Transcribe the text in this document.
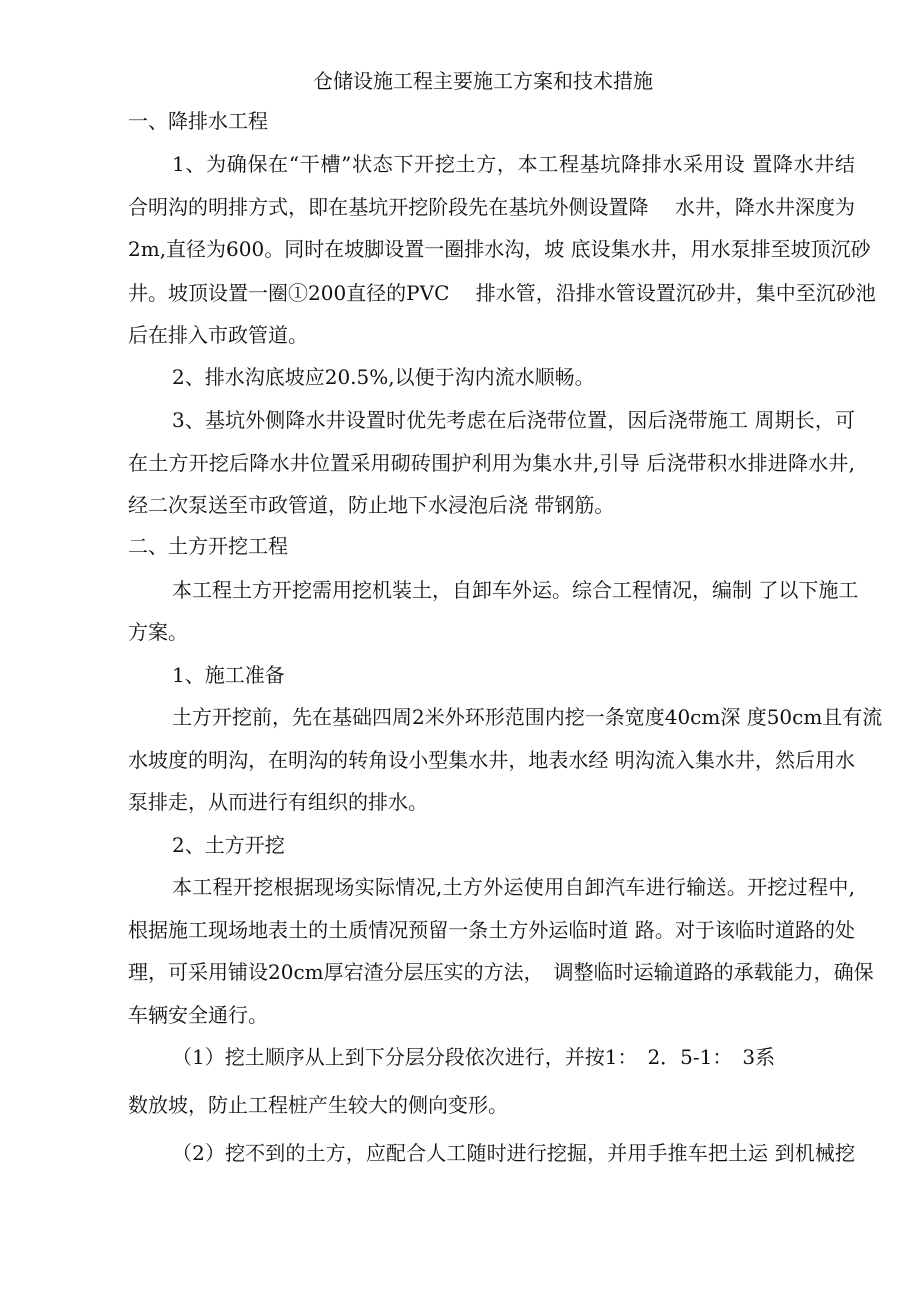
仓储设施工程主要施工方案和技术措施
一、降排水工程
1、为确保在“干槽”状态下开挖土方，本工程基坑降排水采用设 置降水井结
合明沟的明排方式，即在基坑开挖阶段先在基坑外侧设置降　 水井，降水井深度为
2m,直径为600。同时在坡脚设置一圈排水沟，坡 底设集水井，用水泵排至坡顶沉砂
井。坡顶设置一圈①200直径的PVC　 排水管，沿排水管设置沉砂井，集中至沉砂池
后在排入市政管道。
2、排水沟底坡应20.5%,以便于沟内流水顺畅。
3、基坑外侧降水井设置时优先考虑在后浇带位置，因后浇带施工 周期长，可
在土方开挖后降水井位置采用砌砖围护利用为集水井,引导 后浇带积水排进降水井,
经二次泵送至市政管道，防止地下水浸泡后浇 带钢筋。
二、土方开挖工程
本工程土方开挖需用挖机装土，自卸车外运。综合工程情况，编制 了以下施工
方案。
1、施工准备
土方开挖前，先在基础四周2米外环形范围内挖一条宽度40cm深 度50cm且有流
水坡度的明沟，在明沟的转角设小型集水井，地表水经 明沟流入集水井，然后用水
泵排走，从而进行有组织的排水。
2、土方开挖
本工程开挖根据现场实际情况,土方外运使用自卸汽车进行输送。开挖过程中,
根据施工现场地表土的土质情况预留一条土方外运临时道 路。对于该临时道路的处
理，可采用铺设20cm厚宕渣分层压实的方法，　调整临时运输道路的承载能力，确保
车辆安全通行。
（1）挖土顺序从上到下分层分段依次进行，并按1：　2．5-1：　3系
数放坡，防止工程桩产生较大的侧向变形。
（2）挖不到的土方，应配合人工随时进行挖掘，并用手推车把土运 到机械挖
